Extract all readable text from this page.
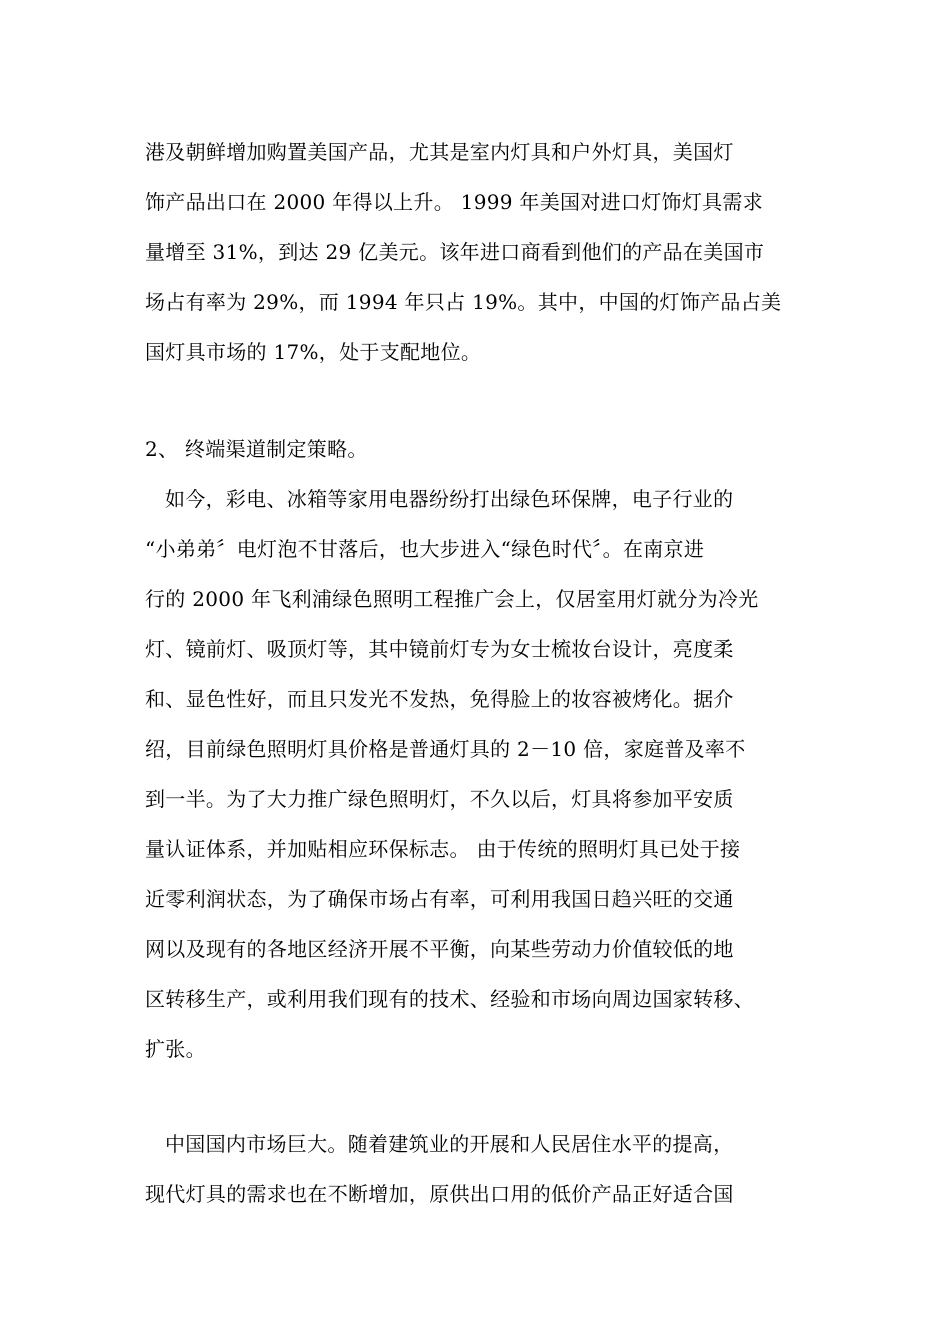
港及朝鲜增加购置美国产品，尤其是室内灯具和户外灯具，美国灯
饰产品出口在 2000 年得以上升。 1999 年美国对进口灯饰灯具需求
量增至 31%，到达 29 亿美元。该年进口商看到他们的产品在美国市
场占有率为 29%，而 1994 年只占 19%。其中，中国的灯饰产品占美
国灯具市场的 17%，处于支配地位。
2、 终端渠道制定策略。
如今，彩电、冰箱等家用电器纷纷打出绿色环保牌，电子行业的
“小弟弟〞电灯泡不甘落后，也大步进入“绿色时代〞。在南京进
行的 2000 年飞利浦绿色照明工程推广会上，仅居室用灯就分为冷光
灯、镜前灯、吸顶灯等，其中镜前灯专为女士梳妆台设计，亮度柔
和、显色性好，而且只发光不发热，免得脸上的妆容被烤化。据介
绍，目前绿色照明灯具价格是普通灯具的 2－10 倍，家庭普及率不
到一半。为了大力推广绿色照明灯，不久以后，灯具将参加平安质
量认证体系，并加贴相应环保标志。 由于传统的照明灯具已处于接
近零利润状态，为了确保市场占有率，可利用我国日趋兴旺的交通
网以及现有的各地区经济开展不平衡，向某些劳动力价值较低的地
区转移生产，或利用我们现有的技术、经验和市场向周边国家转移、
扩张。
中国国内市场巨大。随着建筑业的开展和人民居住水平的提高，
现代灯具的需求也在不断增加，原供出口用的低价产品正好适合国
